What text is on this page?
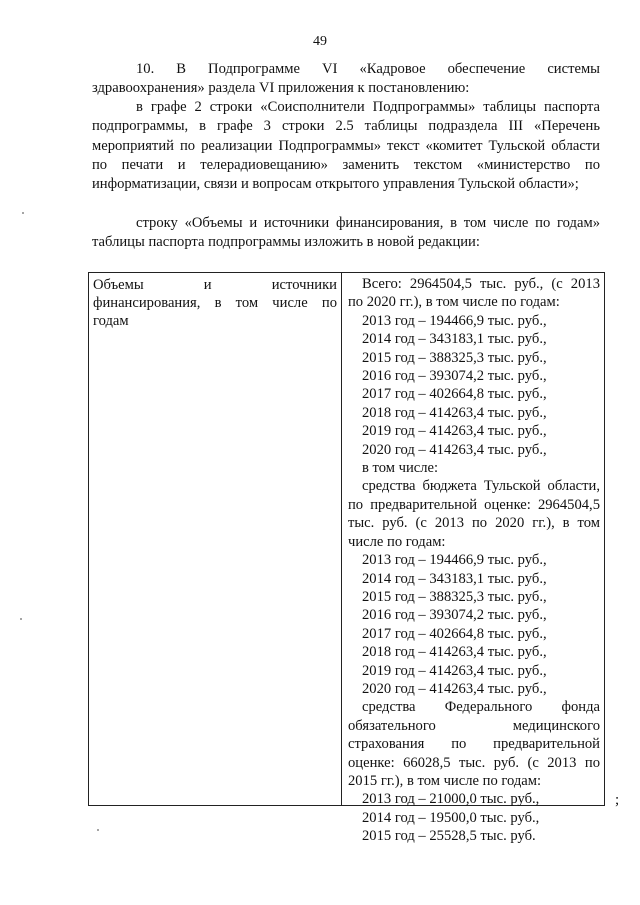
49
10. В Подпрограмме VI «Кадровое обеспечение системы здравоохранения» раздела VI приложения к постановлению:
в графе 2 строки «Соисполнители Подпрограммы» таблицы паспорта подпрограммы, в графе 3 строки 2.5 таблицы подраздела III «Перечень мероприятий по реализации Подпрограммы» текст «комитет Тульской области по печати и телерадиовещанию» заменить текстом «министерство по информатизации, связи и вопросам открытого управления Тульской области»;
строку «Объемы и источники финансирования, в том числе по годам» таблицы паспорта подпрограммы изложить в новой редакции:
Объемы и источники
финансирования, в том числе по
годам
Всего: 2964504,5 тыс. руб., (с 2013
по 2020 гг.), в том числе по годам:
2013 год – 194466,9 тыс. руб.,
2014 год – 343183,1 тыс. руб.,
2015 год – 388325,3 тыс. руб.,
2016 год – 393074,2 тыс. руб.,
2017 год – 402664,8 тыс. руб.,
2018 год – 414263,4 тыс. руб.,
2019 год – 414263,4 тыс. руб.,
2020 год – 414263,4 тыс. руб.,
в том числе:
средства бюджета Тульской области,
по предварительной оценке: 2964504,5
тыс. руб. (с 2013 по 2020 гг.), в том
числе по годам:
2013 год – 194466,9 тыс. руб.,
2014 год – 343183,1 тыс. руб.,
2015 год – 388325,3 тыс. руб.,
2016 год – 393074,2 тыс. руб.,
2017 год – 402664,8 тыс. руб.,
2018 год – 414263,4 тыс. руб.,
2019 год – 414263,4 тыс. руб.,
2020 год – 414263,4 тыс. руб.,
средства Федерального фонда
обязательного медицинского
страхования по предварительной
оценке: 66028,5 тыс. руб. (с 2013 по
2015 гг.), в том числе по годам:
2013 год – 21000,0 тыс. руб.,
2014 год – 19500,0 тыс. руб.,
2015 год – 25528,5 тыс. руб.
;
